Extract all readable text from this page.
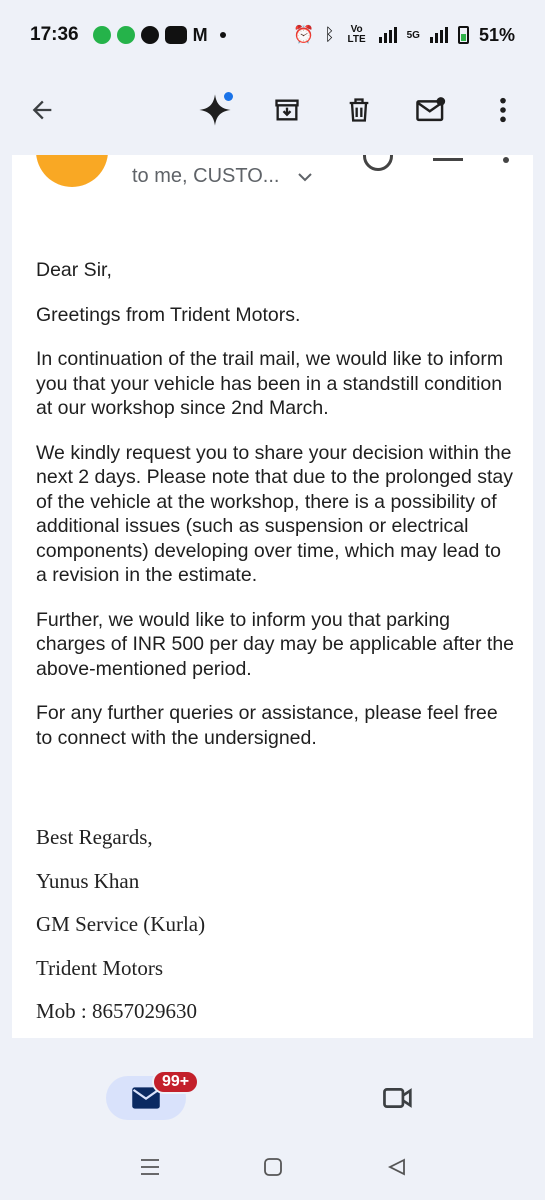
17:36	M	⏰ ᛒ	Vo LTE	5G	51%
to me, CUSTO...

Dear Sir,

Greetings from Trident Motors.

In continuation of the trail mail, we would like to inform you that your vehicle has been in a standstill condition at our workshop since 2nd March.

We kindly request you to share your decision within the next 2 days. Please note that due to the prolonged stay of the vehicle at the workshop, there is a possibility of additional issues (such as suspension or electrical components) developing over time, which may lead to a revision in the estimate.

Further, we would like to inform you that parking charges of INR 500 per day may be applicable after the above-mentioned period.

For any further queries or assistance, please feel free to connect with the undersigned.

Best Regards,

Yunus Khan

GM Service (Kurla)

Trident Motors

Mob : 8657029630

99+
